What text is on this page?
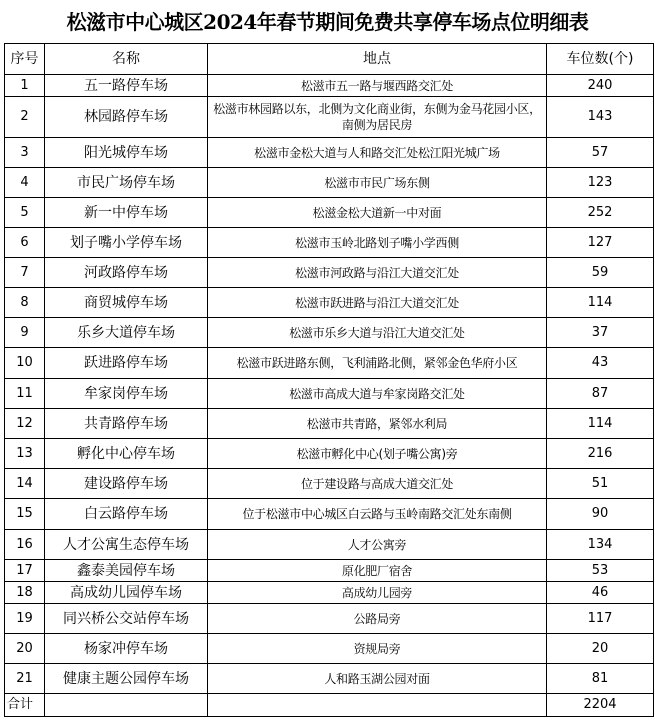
松滋市中心城区2024年春节期间免费共享停车场点位明细表
序号	名称	地点	车位数(个)
1	五一路停车场	松滋市五一路与堰西路交汇处	240
2	林园路停车场	松滋市林园路以东，北侧为文化商业街，东侧为金马花园小区，南侧为居民房	143
3	阳光城停车场	松滋市金松大道与人和路交汇处松江阳光城广场	57
4	市民广场停车场	松滋市市民广场东侧	123
5	新一中停车场	松滋金松大道新一中对面	252
6	划子嘴小学停车场	松滋市玉岭北路划子嘴小学西侧	127
7	河政路停车场	松滋市河政路与沿江大道交汇处	59
8	商贸城停车场	松滋市跃进路与沿江大道交汇处	114
9	乐乡大道停车场	松滋市乐乡大道与沿江大道交汇处	37
10	跃进路停车场	松滋市跃进路东侧，飞利浦路北侧，紧邻金色华府小区	43
11	牟家岗停车场	松滋市高成大道与牟家岗路交汇处	87
12	共青路停车场	松滋市共青路，紧邻水利局	114
13	孵化中心停车场	松滋市孵化中心(划子嘴公寓)旁	216
14	建设路停车场	位于建设路与高成大道交汇处	51
15	白云路停车场	位于松滋市中心城区白云路与玉岭南路交汇处东南侧	90
16	人才公寓生态停车场	人才公寓旁	134
17	鑫泰美园停车场	原化肥厂宿舍	53
18	高成幼儿园停车场	高成幼儿园旁	46
19	同兴桥公交站停车场	公路局旁	117
20	杨家冲停车场	资规局旁	20
21	健康主题公园停车场	人和路玉湖公园对面	81
合计			2204
